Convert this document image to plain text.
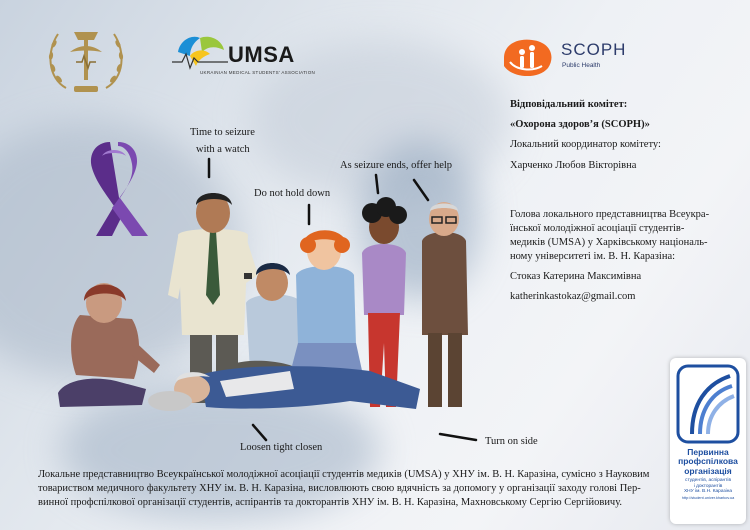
UMSA
UKRAINIAN MEDICAL STUDENTS' ASSOCIATION
SCOPH
Public Health
Time to seizure
with a watch
Do not hold down
As seizure ends, offer help
Loosen tight closen
Turn on side
Відповідальний комітет:
«Охорона здоров’я (SCOPH)»
Локальний координатор комітету:
Харченко Любов Вікторівна
Голова локального представництва Всеукра-
їнської молодіжної асоціації студентів-
медиків (UMSA) у Харківському національ-
ному університеті ім. В. Н. Каразіна:
Стоказ Катерина Максимівна
katherinkastokaz@gmail.com
Локальне представництво Всеукраїнської молодіжної асоціації студентів медиків (UMSA) у ХНУ ім. В. Н. Каразіна, сумісно з Науковим
товариством медичного факультету ХНУ ім. В. Н. Каразіна, висловлюють свою вдячність за допомогу у організації заходу голові Пер-
винної профспілкової організації студентів, аспірантів та докторантів ХНУ ім. В. Н. Каразіна, Махновському Сергію Сергійовичу.
Первинна
профспілкова
організація
студентів, аспірантів
і докторантів
ХНУ ім. В.Н. Каразіна
http://student.univer.kharkov.ua
